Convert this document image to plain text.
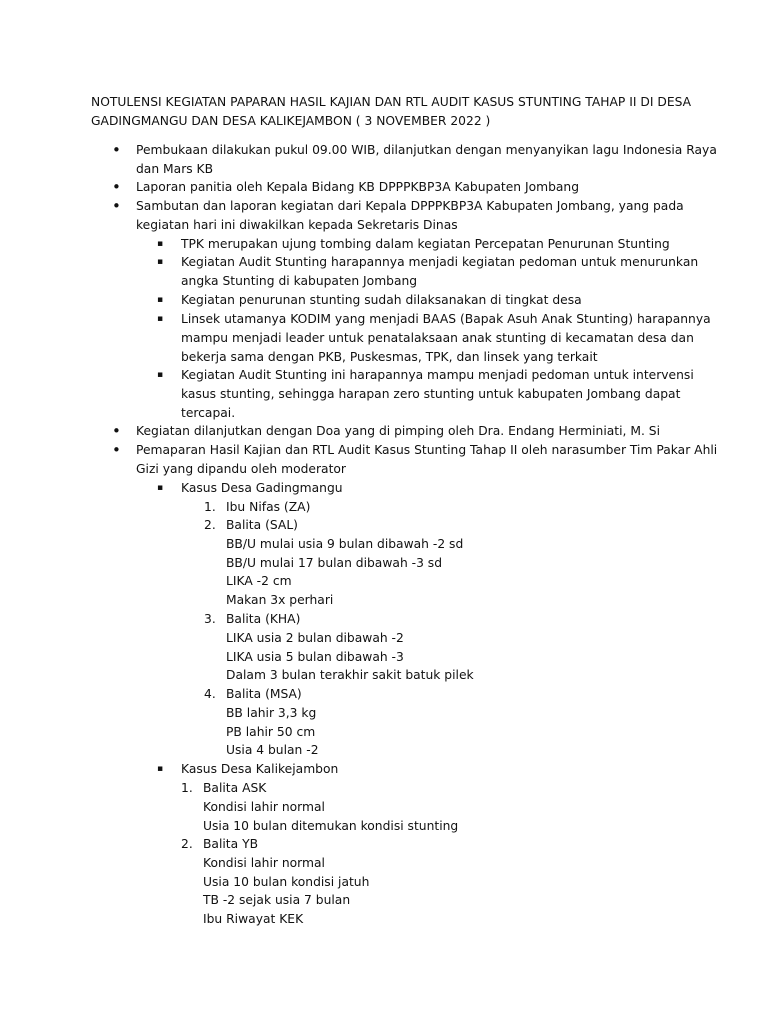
NOTULENSI KEGIATAN PAPARAN HASIL KAJIAN DAN RTL AUDIT KASUS STUNTING TAHAP II DI DESA
GADINGMANGU DAN DESA KALIKEJAMBON ( 3 NOVEMBER 2022 )
• Pembukaan dilakukan pukul 09.00 WIB, dilanjutkan dengan menyanyikan lagu Indonesia Raya
dan Mars KB
• Laporan panitia oleh Kepala Bidang KB DPPPKBP3A Kabupaten Jombang
• Sambutan dan laporan kegiatan dari Kepala DPPPKBP3A Kabupaten Jombang, yang pada
kegiatan hari ini diwakilkan kepada Sekretaris Dinas
▪ TPK merupakan ujung tombing dalam kegiatan Percepatan Penurunan Stunting
▪ Kegiatan Audit Stunting harapannya menjadi kegiatan pedoman untuk menurunkan
angka Stunting di kabupaten Jombang
▪ Kegiatan penurunan stunting sudah dilaksanakan di tingkat desa
▪ Linsek utamanya KODIM yang menjadi BAAS (Bapak Asuh Anak Stunting) harapannya
mampu menjadi leader untuk penatalaksaan anak stunting di kecamatan desa dan
bekerja sama dengan PKB, Puskesmas, TPK, dan linsek yang terkait
▪ Kegiatan Audit Stunting ini harapannya mampu menjadi pedoman untuk intervensi
kasus stunting, sehingga harapan zero stunting untuk kabupaten Jombang dapat
tercapai.
• Kegiatan dilanjutkan dengan Doa yang di pimping oleh Dra. Endang Herminiati, M. Si
• Pemaparan Hasil Kajian dan RTL Audit Kasus Stunting Tahap II oleh narasumber Tim Pakar Ahli
Gizi yang dipandu oleh moderator
▪ Kasus Desa Gadingmangu
1. Ibu Nifas (ZA)
2. Balita (SAL)
BB/U mulai usia 9 bulan dibawah -2 sd
BB/U mulai 17 bulan dibawah -3 sd
LIKA -2 cm
Makan 3x perhari
3. Balita (KHA)
LIKA usia 2 bulan dibawah -2
LIKA usia 5 bulan dibawah -3
Dalam 3 bulan terakhir sakit batuk pilek
4. Balita (MSA)
BB lahir 3,3 kg
PB lahir 50 cm
Usia 4 bulan -2
▪ Kasus Desa Kalikejambon
1. Balita ASK
Kondisi lahir normal
Usia 10 bulan ditemukan kondisi stunting
2. Balita YB
Kondisi lahir normal
Usia 10 bulan kondisi jatuh
TB -2 sejak usia 7 bulan
Ibu Riwayat KEK
